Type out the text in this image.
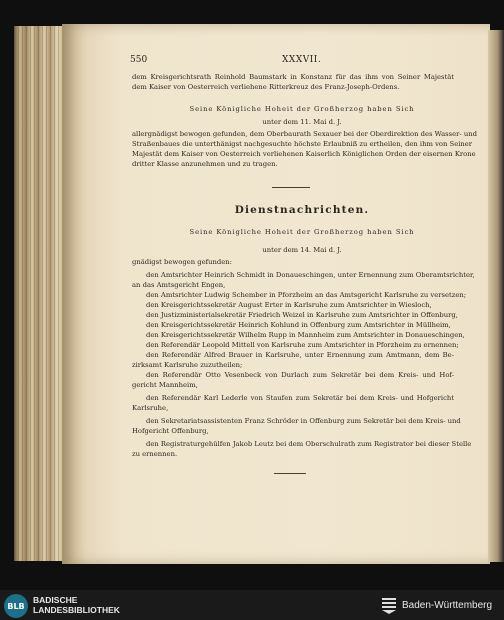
550	XXXVII.
dem Kreisgerichtsrath Reinhold Baumstark in Konstanz für das ihm von Seiner Majestät
dem Kaiser von Oesterreich verliehene Ritterkreuz des Franz-Joseph-Ordens.
Seine Königliche Hoheit der Großherzog haben Sich
unter dem 11. Mai d. J.
allergnädigst bewogen gefunden, dem Oberbaurath Sexauer bei der Oberdirektion des Wasser- und
Straßenbaues die unterthänigst nachgesuchte höchste Erlaubniß zu ertheilen, den ihm von Seiner
Majestät dem Kaiser von Oesterreich verliehenen Kaiserlich Königlichen Orden der eisernen Krone
dritter Klasse anzunehmen und zu tragen.
Dienstnachrichten.
Seine Königliche Hoheit der Großherzog haben Sich
unter dem 14. Mai d. J.
gnädigst bewogen gefunden:
den Amtsrichter Heinrich Schmidt in Donaueschingen, unter Ernennung zum Oberamtsrichter,
an das Amtsgericht Engen,
den Amtsrichter Ludwig Schember in Pforzheim an das Amtsgericht Karlsruhe zu versetzen;
den Kreisgerichtssekretär August Erter in Karlsruhe zum Amtsrichter in Wiesloch,
den Justizministerialsekretär Friedrich Weizel in Karlsruhe zum Amtsrichter in Offenburg,
den Kreisgerichtssekretär Heinrich Kohlund in Offenburg zum Amtsrichter in Müllheim,
den Kreisgerichtssekretär Wilhelm Rupp in Mannheim zum Amtsrichter in Donaueschingen,
den Referendär Leopold Mittell von Karlsruhe zum Amtsrichter in Pforzheim zu ernennen;
den Referendär Alfred Brauer in Karlsruhe, unter Ernennung zum Amtmann, dem Be-
zirksamt Karlsruhe zuzutheilen;
den Referendär Otto Vesenbeck von Durlach zum Sekretär bei dem Kreis- und Hof-
gericht Mannheim,
den Referendär Karl Lederle von Staufen zum Sekretär bei dem Kreis- und Hofgericht
Karlsruhe,
den Sekretariatsassistenten Franz Schröder in Offenburg zum Sekretär bei dem Kreis- und
Hofgericht Offenburg,
den Registraturgehülfen Jakob Leutz bei dem Oberschulrath zum Registrator bei dieser Stelle
zu ernennen.
BLB
BADISCHE
LANDESBIBLIOTHEK	Baden-Württemberg
